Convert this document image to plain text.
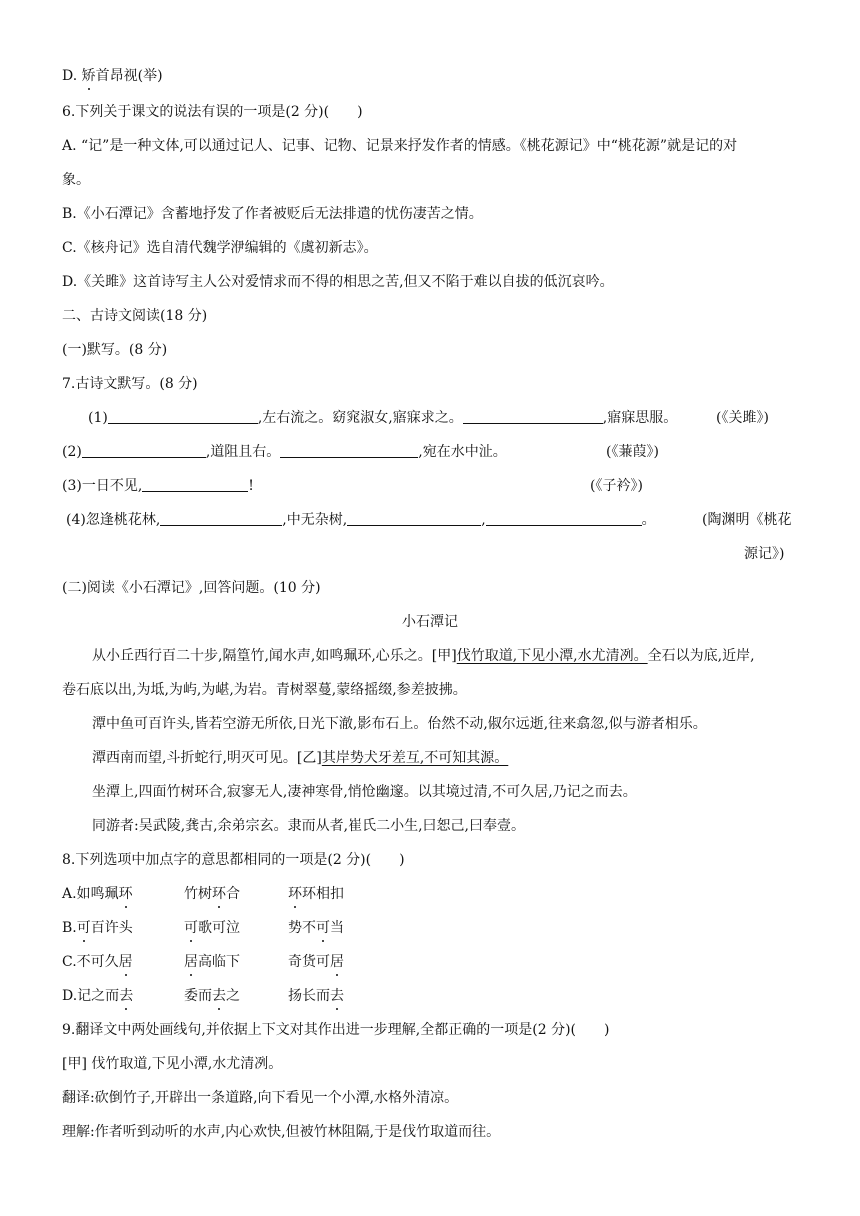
D. 矫首昂视(举)
6.下列关于课文的说法有误的一项是(2 分)(　　)
A. “记”是一种文体,可以通过记人、记事、记物、记景来抒发作者的情感。《桃花源记》中“桃花源”就是记的对
象。
B.《小石潭记》含蓄地抒发了作者被贬后无法排遣的忧伤凄苦之情。
C.《核舟记》选自清代魏学洢编辑的《虞初新志》。
D.《关雎》这首诗写主人公对爱情求而不得的相思之苦,但又不陷于难以自拔的低沉哀吟。
二、古诗文阅读(18 分)
(一)默写。(8 分)
7.古诗文默写。(8 分)
(1)	,左右流之。窈窕淑女,寤寐求之。	,寤寐思服。	(《关雎》)
(2)	,道阻且右。	,宛在水中沚。	(《蒹葭》)
(3)一日不见,	!	(《子衿》)
(4)忽逢桃花林,	,中无杂树,	,	。	(陶渊明《桃花
源记》)
(二)阅读《小石潭记》,回答问题。(10 分)
小石潭记
从小丘西行百二十步,隔篁竹,闻水声,如鸣珮环,心乐之。[甲]伐竹取道,下见小潭,水尤清冽。全石以为底,近岸,
卷石底以出,为坻,为屿,为嵁,为岩。青树翠蔓,蒙络摇缀,参差披拂。
潭中鱼可百许头,皆若空游无所依,日光下澈,影布石上。佁然不动,俶尔远逝,往来翕忽,似与游者相乐。
潭西南而望,斗折蛇行,明灭可见。[乙]其岸势犬牙差互,不可知其源。
坐潭上,四面竹树环合,寂寥无人,凄神寒骨,悄怆幽邃。以其境过清,不可久居,乃记之而去。
同游者:吴武陵,龚古,余弟宗玄。隶而从者,崔氏二小生,曰恕己,曰奉壹。
8.下列选项中加点字的意思都相同的一项是(2 分)(　　)
A.如鸣珮环	竹树环合	环环相扣
B.可百许头	可歌可泣	势不可当
C.不可久居	居高临下	奇货可居
D.记之而去	委而去之	扬长而去
9.翻译文中两处画线句,并依据上下文对其作出进一步理解,全都正确的一项是(2 分)(　　)
[甲] 伐竹取道,下见小潭,水尤清冽。
翻译:砍倒竹子,开辟出一条道路,向下看见一个小潭,水格外清凉。
理解:作者听到动听的水声,内心欢快,但被竹林阻隔,于是伐竹取道而往。
